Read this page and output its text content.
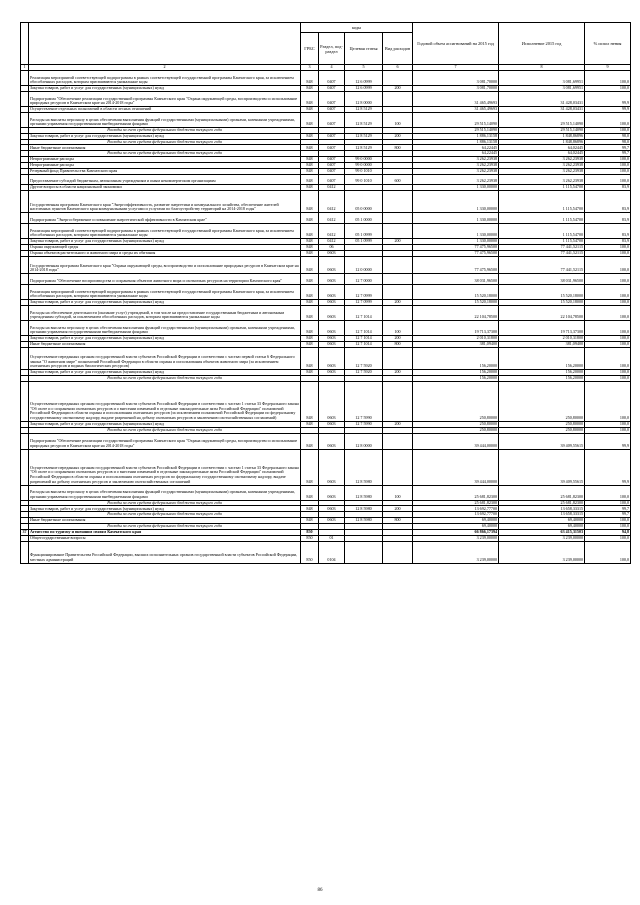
		коды				Годовой объем ассигнований на 2015 год	Исполнение 2015 год	% испол нения
		ГРБС	Раздел, под-раздел	Целевая статья	Вид расходов			
1	2	3	4	5	6	7	8	9
	Реализация мероприятий соответствующей подпрограммы в рамках соответствующей государственной программы Камчатского края, за исключением обособленных расходов, которым присваиваются уникальные коды	848	0407	12 6 0999		3 081,70000	3 081,69951	100,0
	Закупка товаров, работ и услуг для государственных (муниципальных) нужд	848	0407	12 6 0999	200	3 081,70000	3 081,69951	100,0
	Подпрограмма "Обеспечение реализации государственной программы Камчатского края "Охрана окружающей среды, воспроизводство и использование природных ресурсов в Камчатском крае на 2014-2018 годы"	848	0407	12 8 0000		31 465,49693	31 428,03431	99,9
	Осуществление отдельных полномочий в области лесных отношений	848	0407	12 8 5129		31 465,49693	31 428,03431	99,9
	Расходы на выплаты персоналу в целях обеспечения выполнения функций государственными (муниципальными) органами, казенными учреждениями, органами управления государственными внебюджетными фондами	848	0407	12 8 5129	100	29 515,14090	29 515,14090	100,0
	Расходы за счет средств федерального бюджета текущего года					29 515,14090	29 515,14090	100,0
	Закупка товаров, работ и услуг для государственных (муниципальных) нужд	848	0407	12 8 5129	200	1 886,13158	1 848,86896	98,0
	Расходы за счет средств федерального бюджета текущего года					1 886,13158	1 848,86896	98,0
	Иные бюджетные ассигнования	848	0407	12 8 5129	800	64,22445	64,02445	99,7
	Расходы за счет средств федерального бюджета текущего года					64,22445	64,02445	99,7
	Непрограммные расходы	848	0407	99 0 0000		3 262,23938	3 262,23938	100,0
	Непрограммные расходы	848	0407	99 0 0000		3 262,23938	3 262,23938	100,0
	Резервный фонд Правительства Камчатского края	848	0407	99 0 1010		3 262,23938	3 262,23938	100,0
	Предоставление субсидий бюджетным, автономным учреждениям и иным некоммерческим организациям	848	0407	99 0 1010	600	3 262,23938	3 262,23938	100,0
	Другие вопросы в области национальной экономики	848	0412			1 330,00000	1 115,54700	83,9
	Государственная программа Камчатского края "Энергоэффективность, развитие энергетики и коммунального хозяйства, обеспечение жителей населенных пунктов Камчатского края коммунальными услугами и услугами по благоустройству территорий на 2014-2018 годы"	848	0412	05 0 0000		1 330,00000	1 115,54700	83,9
	Подпрограмма "Энергосбережение и повышение энергетической эффективности в Камчатском крае"	848	0412	05 1 0000		1 330,00000	1 115,54700	83,9
	Реализация мероприятий соответствующей подпрограммы в рамках соответствующей государственной программы Камчатского края, за исключением обособленных расходов, которым присваиваются уникальные коды	848	0412	05 1 0999		1 330,00000	1 115,54700	83,9
	Закупка товаров, работ и услуг для государственных (муниципальных) нужд	848	0412	05 1 0999	200	1 330,00000	1 115,54700	83,9
	Охрана окружающей среды	848	06			77 475,96500	77 441,52115	100,0
	Охрана объектов растительного и животного мира и среды их обитания	848	0603			77 475,96500	77 441,52115	100,0
	Государственная программа Камчатского края "Охрана окружающей среды, воспроизводство и использование природных ресурсов в Камчатском крае на 2014-2018 годы"	848	0603	12 0 0000		77 475,96500	77 441,52115	100,0
	Подпрограмма "Обеспечение воспроизводства и сохранения объектов животного мира и охотничьих ресурсов на территории Камчатского края"	848	0603	12 7 0000		38 031,96500	38 031,96500	100,0
	Реализация мероприятий соответствующей подпрограммы в рамках соответствующей государственной программы Камчатского края, за исключением обособленных расходов, которым присваиваются уникальные коды	848	0603	12 7 0999		15 520,18000	15 520,18000	100,0
	Закупка товаров, работ и услуг для государственных (муниципальных) нужд	848	0603	12 7 0999	200	15 520,18000	15 520,18000	100,0
	Расходы на обеспечение деятельности (оказание услуг) учреждений, в том числе на предоставление государственным бюджетным и автономным учреждениям субсидий, за исключением обособленных расходов, которым присваиваются уникальные коды	848	0603	12 7 1014		22 104,78500	22 104,78500	100,0
	Расходы на выплаты персоналу в целях обеспечения выполнения функций государственными (муниципальными) органами, казенными учреждениями, органами управления государственными внебюджетными фондами	848	0603	12 7 1014	100	19 713,37300	19 713,37300	100,0
	Закупка товаров, работ и услуг для государственных (муниципальных) нужд	848	0603	12 7 1014	200	2 010,31800	2 010,31800	100,0
	Иные бюджетные ассигнования	848	0603	12 7 1014	800	381,09400	381,09400	100,0
	Осуществление переданных органам государственной власти субъектов Российской Федерации в соответствии с частью первой статьи 6 Федерального закона "О животном мире" полномочий Российской Федерации в области охраны и использования объектов животного мира (за исключением охотничьих ресурсов и водных биологических ресурсов)	848	0603	12 7 5920		156,20000	156,20000	100,0
	Закупка товаров, работ и услуг для государственных (муниципальных) нужд	848	0603	12 7 5920	200	156,20000	156,20000	100,0
	Расходы за счет средств федерального бюджета текущего года					156,20000	156,20000	100,0
	Осуществление переданных органам государственной власти субъектов Российской Федерации в соответствии с частью 1 статьи 33 Федерального закона "Об охоте и о сохранении охотничьих ресурсов и о внесении изменений в отдельные законодательные акты Российской Федерации" полномочий Российской Федерации в области охраны и использования охотничьих ресурсов (за исключением полномочий Российской Федерации по федеральному государственному охотничьему надзору, выдаче разрешений на добычу охотничьих ресурсов и заключению охотхозяйственных соглашений)	848	0603	12 7 5990		250,80000	250,80000	100,0
	Закупка товаров, работ и услуг для государственных (муниципальных) нужд	848	0603	12 7 5990	200	250,80000	250,80000	100,0
	Расходы за счет средств федерального бюджета текущего года					250,80000	250,80000	100,0
	Подпрограмма "Обеспечение реализации государственной программы Камчатского края "Охрана окружающей среды, воспроизводство и использование природных ресурсов в Камчатском крае на 2014-2018 годы"	848	0603	12 8 0000		39 444,00000	39 409,55615	99,9
	Осуществление переданных органам государственной власти субъектов Российской Федерации в соответствии с частью 1 статьи 33 Федерального закона "Об охоте и о сохранении охотничьих ресурсов и о внесении изменений в отдельные законодательные акты Российской Федерации" полномочий Российской Федерации в области охраны и использования охотничьих ресурсов по федеральному государственному охотничьему надзору, выдаче разрешений на добычу охотничьих ресурсов и заключению охотхозяйственных соглашений	848	0603	12 8 5980		39 444,00000	39 409,55615	99,9
	Расходы на выплаты персоналу в целях обеспечения выполнения функций государственными (муниципальными) органами, казенными учреждениями, органами управления государственными внебюджетными фондами	848	0603	12 8 5980	100	25 681,82300	25 681,82300	100,0
	Расходы за счет средств федерального бюджета текущего года					25 681,82300	25 681,82300	100,0
	Закупка товаров, работ и услуг для государственных (муниципальных) нужд	848	0603	12 8 5980	200	13 692,77700	13 658,33315	99,7
	Расходы за счет средств федерального бюджета текущего года					13 692,77700	13 658,33315	99,7
	Иные бюджетные ассигнования	848	0603	12 8 5980	800	69,40000	69,40000	100,0
	Расходы за счет средств федерального бюджета текущего года					69,40000	69,40000	100,0
37	Агентство по туризму и внешним связям Камчатского края	850				66 866,17394	63 415,31503	94,8
	Общегосударственные вопросы	850	01			3 239,00000	3 239,00000	100,0
	Функционирование Правительства Российской Федерации, высших исполнительных органов государственной власти субъектов Российской Федерации, местных администраций	850	0104			3 239,00000	3 239,00000	100,0
86
